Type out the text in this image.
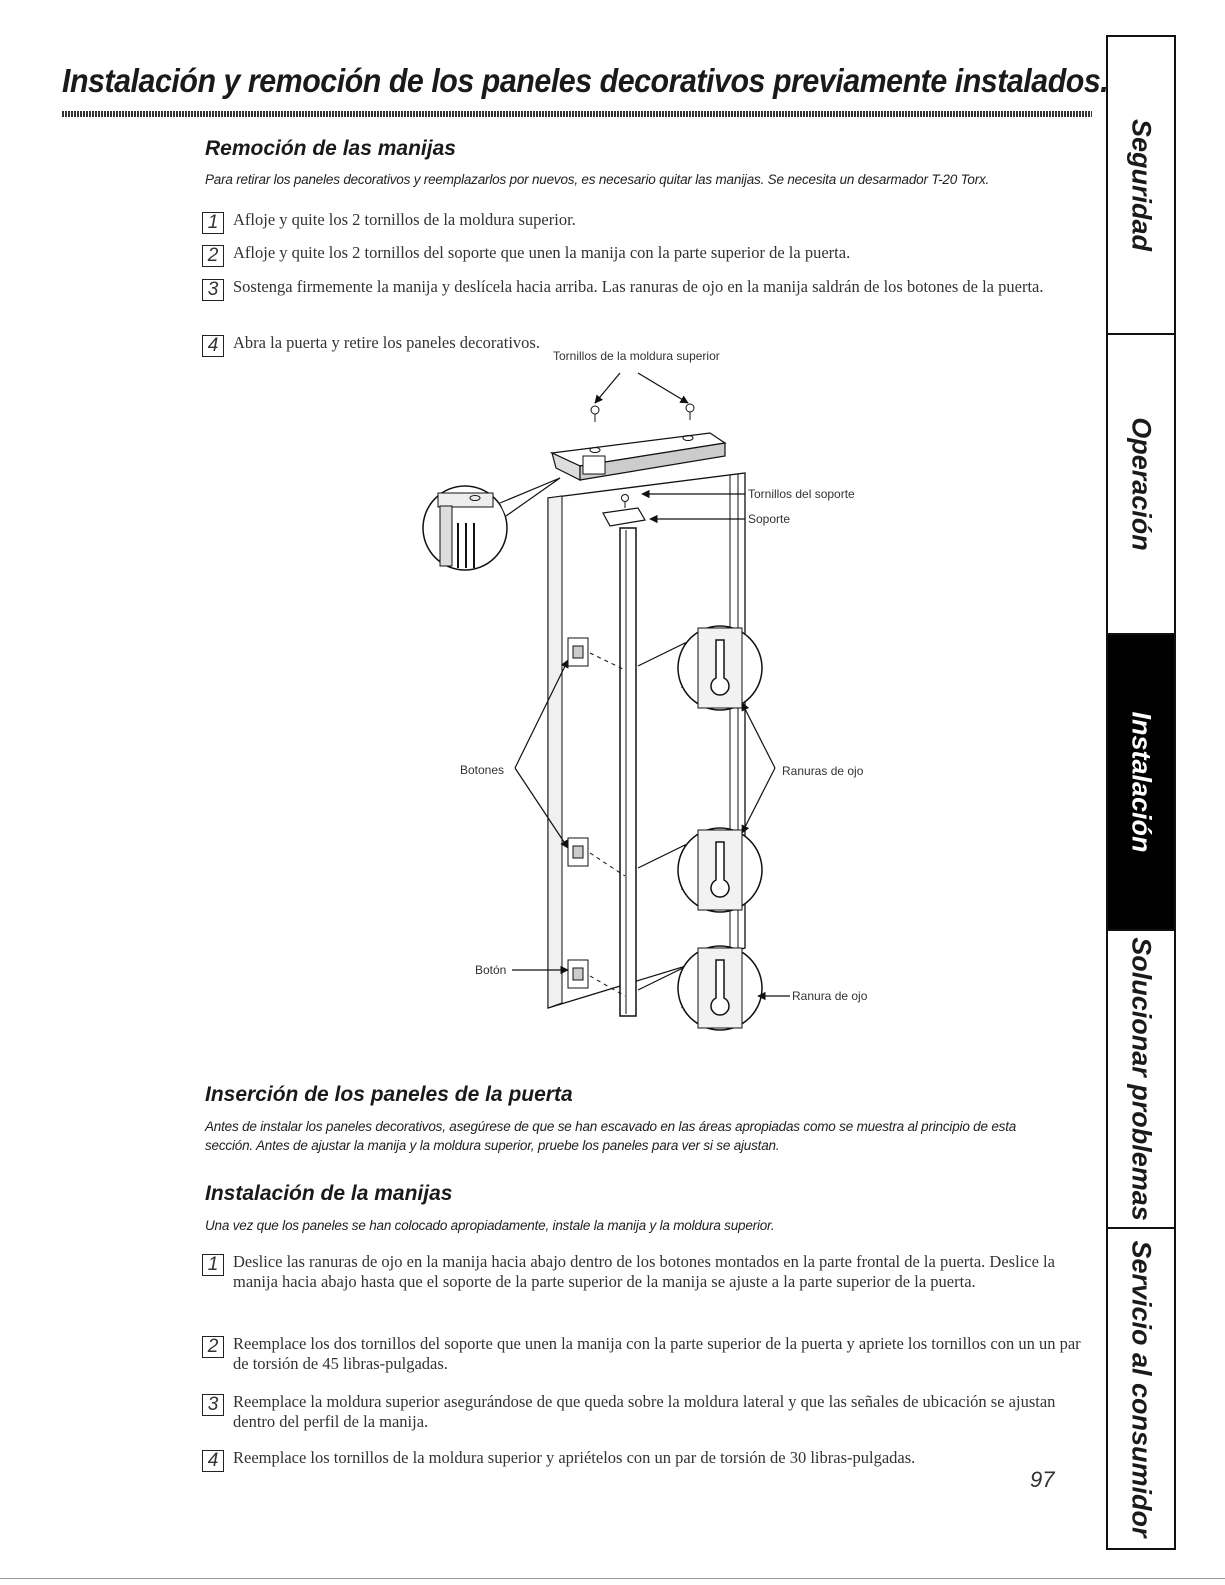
Instalación y remoción de los paneles decorativos previamente instalados.
Remoción de las manijas
Para retirar los paneles decorativos y reemplazarlos por nuevos, es necesario quitar las manijas. Se necesita un desarmador T-20 Torx.
1 Afloje y quite los 2 tornillos de la moldura superior.
2 Afloje y quite los 2 tornillos del soporte que unen la manija con la parte superior de la puerta.
3 Sostenga firmemente la manija y deslícela hacia arriba. Las ranuras de ojo en la manija saldrán de los botones de la puerta.
4 Abra la puerta y retire los paneles decorativos.
Tornillos de la moldura superior
Tornillos del soporte
Soporte
Botones	Ranuras de ojo
Botón
Ranura de ojo
Inserción de los paneles de la puerta
Antes de instalar los paneles decorativos, asegúrese de que se han escavado en las áreas apropiadas como se muestra al principio de esta sección. Antes de ajustar la manija y la moldura superior, pruebe los paneles para ver si se ajustan.
Instalación de la manijas
Una vez que los paneles se han colocado apropiadamente, instale la manija y la moldura superior.
1 Deslice las ranuras de ojo en la manija hacia abajo dentro de los botones montados en la parte frontal de la puerta. Deslice la manija hacia abajo hasta que el soporte de la parte superior de la manija se ajuste a la parte superior de la puerta.
2 Reemplace los dos tornillos del soporte que unen la manija con la parte superior de la puerta y apriete los tornillos con un un par de torsión de 45 libras-pulgadas.
3 Reemplace la moldura superior asegurándose de que queda sobre la moldura lateral y que las señales de ubicación se ajustan dentro del perfil de la manija.
4 Reemplace los tornillos de la moldura superior y apriételos con un par de torsión de 30 libras-pulgadas.
Seguridad
Operación
Instalación
Solucionar problemas
Servicio al consumidor
97
